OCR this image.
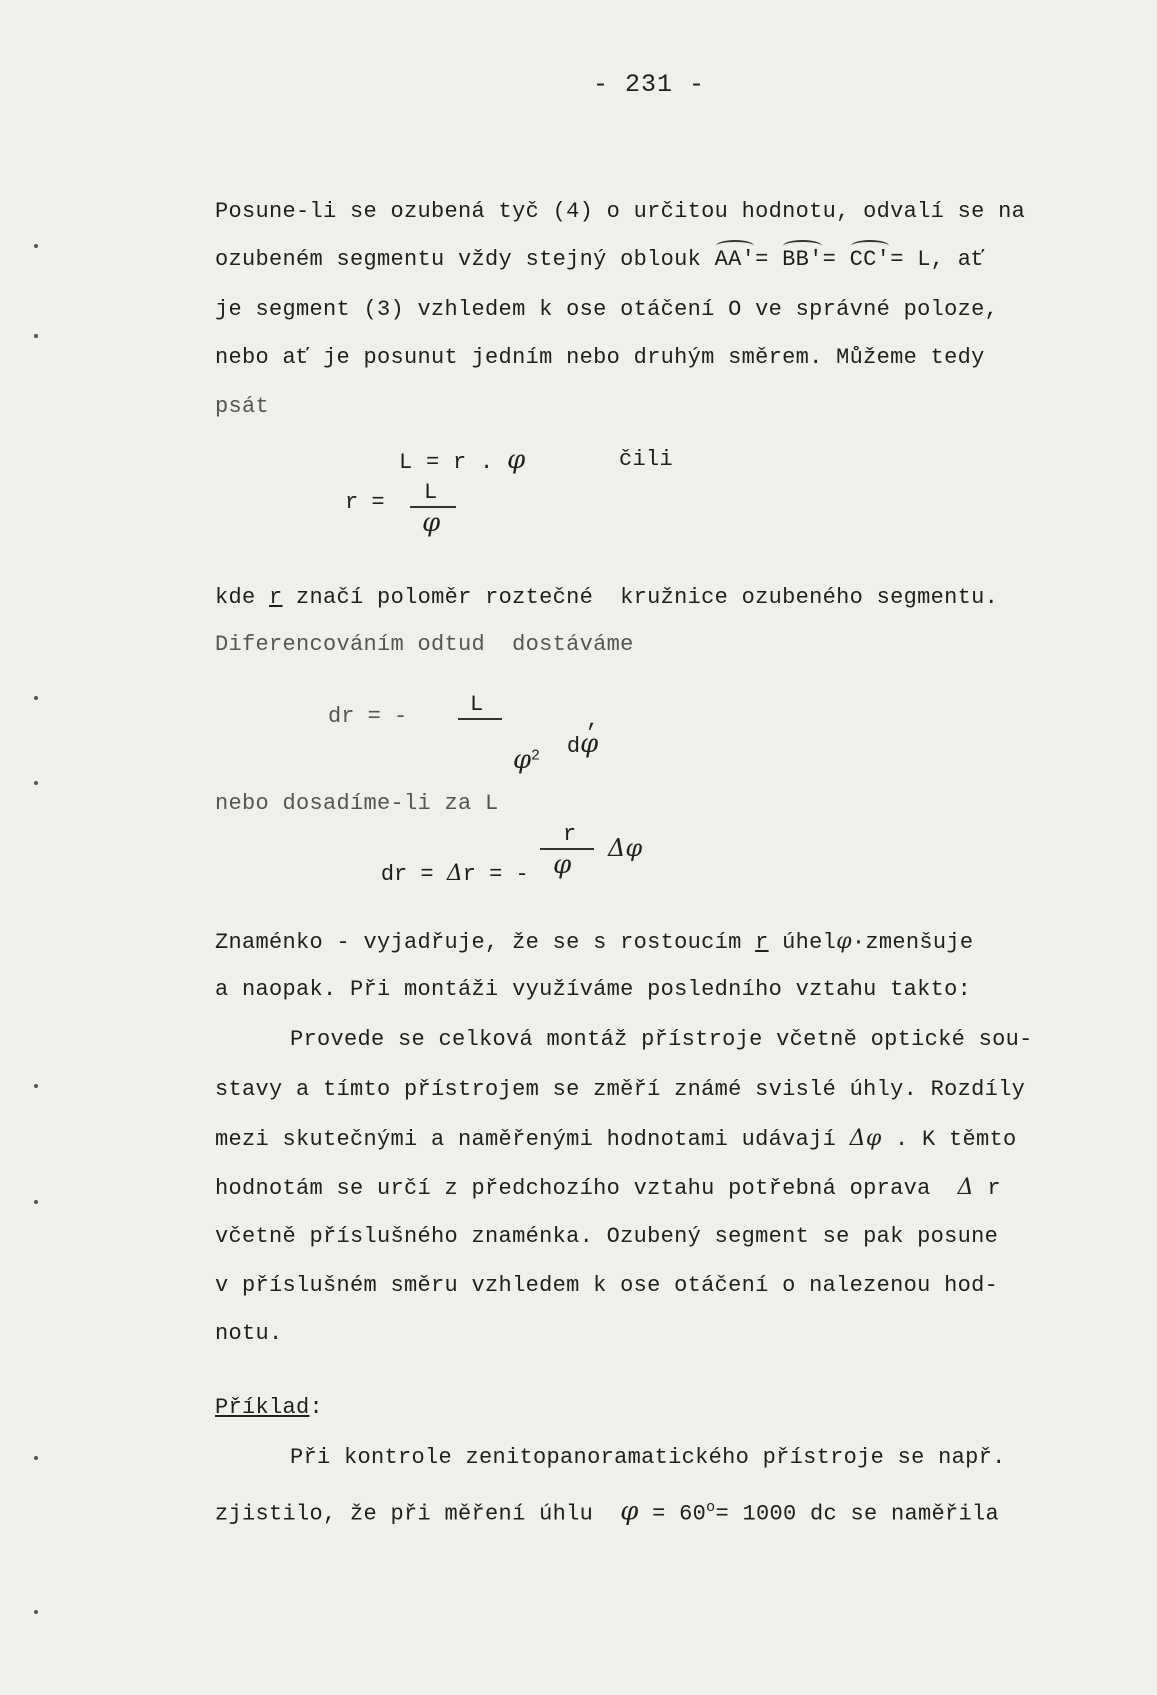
- 231 -

Posune-li se ozubená tyč (4) o určitou hodnotu, odvalí se na

ozubeném segmentu vždy stejný oblouk AA'= BB'= CC'= L, ať

je segment (3) vzhledem k ose otáčení O ve správné poloze,

nebo ať je posunut jedním nebo druhým směrem. Můžeme tedy

psát

L = r . φ
	čili

r = L
φ

kde r značí poloměr roztečné  kružnice ozubeného segmentu.

Diferencováním odtud  dostáváme

dr = -	L

$\varphi^2$
	dφ

,

nebo dosadíme-li za L

dr = Δr = -

r
φ
Δφ

Znaménko - vyjadřuje, že se s rostoucím r úhelφ·zmenšuje

a naopak. Při montáži využíváme posledního vztahu takto:

Provede se celková montáž přístroje včetně optické sou-

stavy a tímto přístrojem se změří známé svislé úhly. Rozdíly

mezi skutečnými a naměřenými hodnotami udávají Δφ . K těmto

hodnotám se určí z předchozího vztahu potřebná oprava  Δ r

včetně příslušného znaménka. Ozubený segment se pak posune

v příslušném směru vzhledem k ose otáčení o nalezenou hod-

notu.

Příklad:

Při kontrole zenitopanoramatického přístroje se např.

zjistilo, že při měření úhlu  $\varphi = 60^o= 1000$ dc se naměřila
